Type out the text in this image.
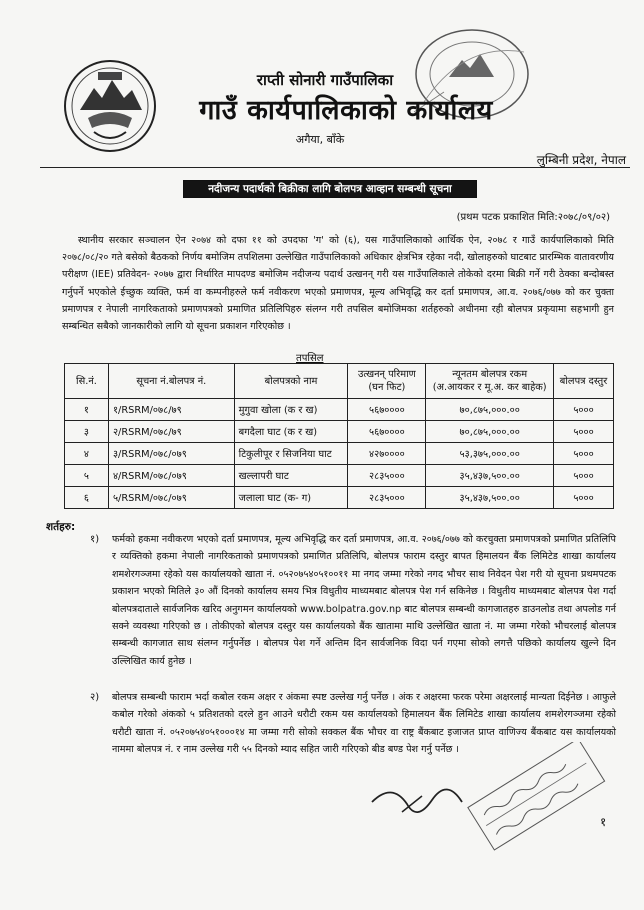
राप्ती सोनारी गाउँपालिका
गाउँ कार्यपालिकाको कार्यालय
अगैया, बाँके
लुम्बिनी प्रदेश, नेपाल
नदीजन्य पदार्थको बिक्रीका लागि बोलपत्र आव्हान सम्बन्धी सूचना
(प्रथम पटक प्रकाशित मिति:२०७८/०९/०२)
स्थानीय सरकार सञ्चालन ऐन २०७४ को दफा ११ को उपदफा 'ग' को (६), यस गाउँपालिकाको आर्थिक ऐन, २०७८ र गाउँ कार्यपालिकाको मिति २०७८/०८/२० गते बसेको बैठकको निर्णय बमोजिम तपशिलमा उल्लेखित गाउँपालिकाको अधिकार क्षेत्रभित्र रहेका नदी, खोलाहरुको घाटबाट प्रारम्भिक वातावरणीय परीक्षण (IEE) प्रतिवेदन- २०७७ द्वारा निर्धारित मापदण्ड बमोजिम नदीजन्य पदार्थ उत्खनन् गरी यस गाउँपालिकाले तोकेको दरमा बिक्री गर्ने गरी ठेक्का बन्दोबस्त गर्नुपर्ने भएकोले ईच्छुक व्यक्ति, फर्म वा कम्पनीहरुले फर्म नवीकरण भएको प्रमाणपत्र, मूल्य अभिवृद्धि कर दर्ता प्रमाणपत्र, आ.व. २०७६/०७७ को कर चुक्ता प्रमाणपत्र र नेपाली नागरिकताको प्रमाणपत्रको प्रमाणित प्रतिलिपिहरु संलग्न गरी तपसिल बमोजिमका शर्तहरुको अधीनमा रही बोलपत्र प्रकृयामा सहभागी हुन सम्बन्धित सबैको जानकारीको लागि यो सूचना प्रकाशन गरिएकोछ ।
तपसिल
सि.नं.	सूचना नं.बोलपत्र नं.	बोलपत्रको नाम	उत्खनन् परिमाण (घन फिट)	न्यूनतम बोलपत्र रकम (अ.आयकर र मू.अ. कर बाहेक)	बोलपत्र दस्तुर
१	१/RSRM/०७८/७९	मुगुवा खोला (क र ख)	५६७००००	७०,८७५,०००.००	५०००
३	२/RSRM/०७८/७९	बगदैला घाट (क र ख)	५६७००००	७०,८७५,०००.००	५०००
४	३/RSRM/०७८/०७९	टिकुलीपूर र सिजनिया घाट	४२७००००	५३,३७५,०००.००	५०००
५	४/RSRM/०७८/०७९	खल्लापरी घाट	२८३५०००	३५,४३७,५००.००	५०००
६	५/RSRM/०७८/०७९	जलाला घाट (क- ग)	२८३५०००	३५,४३७,५००.००	५०००
शर्तहरु:
१) फर्मको हकमा नवीकरण भएको दर्ता प्रमाणपत्र, मूल्य अभिवृद्धि कर दर्ता प्रमाणपत्र, आ.व. २०७६/०७७ को करचुक्ता प्रमाणपत्रको प्रमाणित प्रतिलिपि र व्यक्तिको हकमा नेपाली नागरिकताको प्रमाणपत्रको प्रमाणित प्रतिलिपि, बोलपत्र फाराम दस्तुर बापत हिमालयन बैंक लिमिटेड शाखा कार्यालय शमशेरगञ्जमा रहेको यस कार्यालयको खाता नं. ०५२०७५४०५१००११ मा नगद जम्मा गरेको नगद भौचर साथ निवेदन पेश गरी यो सूचना प्रथमपटक प्रकाशन भएको मितिले ३० औं दिनको कार्यालय समय भित्र विधुतीय माध्यमबाट बोलपत्र पेश गर्न सकिनेछ । विधुतीय माध्यमबाट बोलपत्र पेश गर्दा बोलपत्रदाताले सार्वजनिक खरिद अनुगमन कार्यालयको www.bolpatra.gov.np बाट बोलपत्र सम्बन्धी कागजातहरु डाउनलोड तथा अपलोड गर्न सक्ने व्यवस्था गरिएको छ । तोकीएको बोलपत्र दस्तुर यस कार्यालयको बैंक खातामा माथि उल्लेखित खाता नं. मा जम्मा गरेको भौचरलाई बोलपत्र सम्बन्धी कागजात साथ संलग्न गर्नुपर्नेछ । बोलपत्र पेश गर्ने अन्तिम दिन सार्वजनिक विदा पर्न गएमा सोको लगत्तै पछिको कार्यालय खुल्ने दिन उल्लिखित कार्य हुनेछ ।
२) बोलपत्र सम्बन्धी फाराम भर्दा कबोल रकम अक्षर र अंकमा स्पष्ट उल्लेख गर्नु पर्नेछ । अंक र अक्षरमा फरक परेमा अक्षरलाई मान्यता दिईनेछ । आफुले कबोल गरेको अंकको ५ प्रतिशतको दरले हुन आउने धरौटी रकम यस कार्यालयको हिमालयन बैंक लिमिटेड शाखा कार्यालय शमशेरगञ्जमा रहेको धरौटी खाता नं. ०५२०७५४०५१०००१४ मा जम्मा गरी सोको सक्कल बैंक भौचर वा राष्ट्र बैंकबाट इजाजत प्राप्त वाणिज्य बैंकबाट यस कार्यालयको नाममा बोलपत्र नं. र नाम उल्लेख गरी ५५ दिनको म्याद सहित जारी गरिएको बीड बण्ड पेश गर्नु पर्नेछ ।
१
